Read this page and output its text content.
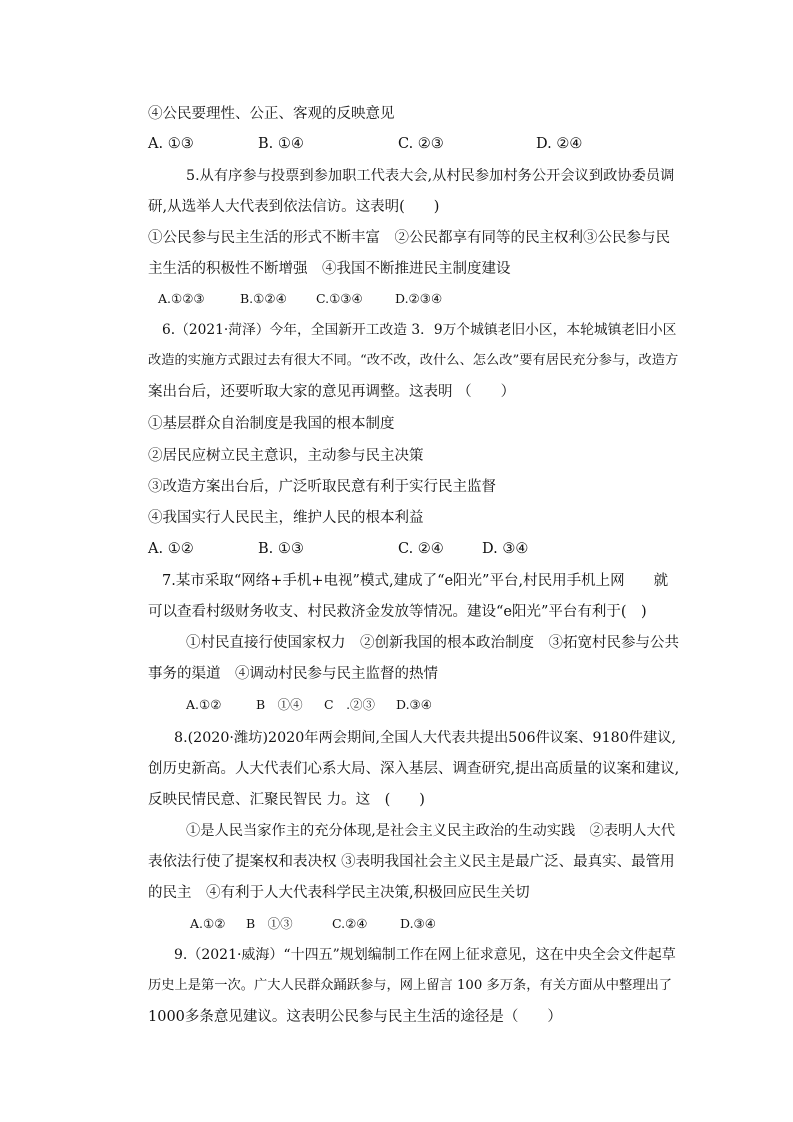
④公民要理性、公正、客观的反映意见
A. ①③	B. ①④	C. ②③	D. ②④
5.从有序参与投票到参加职工代表大会,从村民参加村务公开会议到政协委员调
研,从选举人大代表到依法信访。这表明(　　)
①公民参与民主生活的形式不断丰富　②公民都享有同等的民主权利③公民参与民
主生活的积极性不断增强　④我国不断推进民主制度建设
A.①②③	B.①②④ C.①③④	D.②③④
6.（2021·菏泽）今年，全国新开工改造 3．9万个城镇老旧小区，本轮城镇老旧小区
改造的实施方式跟过去有很大不同。“改不改，改什么、怎么改”要有居民充分参与，改造方
案出台后，还要听取大家的意见再调整。这表明 （　　）
①基层群众自治制度是我国的根本制度
②居民应树立民主意识，主动参与民主决策
③改造方案出台后，广泛听取民意有利于实行民主监督
④我国实行人民民主，维护人民的根本利益
A. ①②	B. ①③	C. ②④	D. ③④
7.某市采取“网络+手机+电视”模式,建成了“e阳光”平台,村民用手机上网　　就
可以查看村级财务收支、村民救济金发放等情况。建设“e阳光”平台有利于(　)
①村民直接行使国家权力　②创新我国的根本政治制度　③拓宽村民参与公共
事务的渠道　④调动村民参与民主监督的热情
A.①②	B　①④ C　.②③ D.③④
8.(2020·潍坊)2020年两会期间,全国人大代表共提出506件议案、9180件建议,
创历史新高。人大代表们心系大局、深入基层、调查研究,提出高质量的议案和建议,
反映民情民意、汇聚民智民 力。这　(　　)
①是人民当家作主的充分体现,是社会主义民主政治的生动实践　②表明人大代
表依法行使了提案权和表决权 ③表明我国社会主义民主是最广泛、最真实、最管用
的民主　④有利于人大代表科学民主决策,积极回应民生关切
A.①② B　①③	C.②④	D.③④
9.（2021·威海）“十四五”规划编制工作在网上征求意见，这在中央全会文件起草
历史上是第一次。广大人民群众踊跃参与，网上留言 100 多万条，有关方面从中整理出了
1000多条意见建议。这表明公民参与民主生活的途径是（　　）
